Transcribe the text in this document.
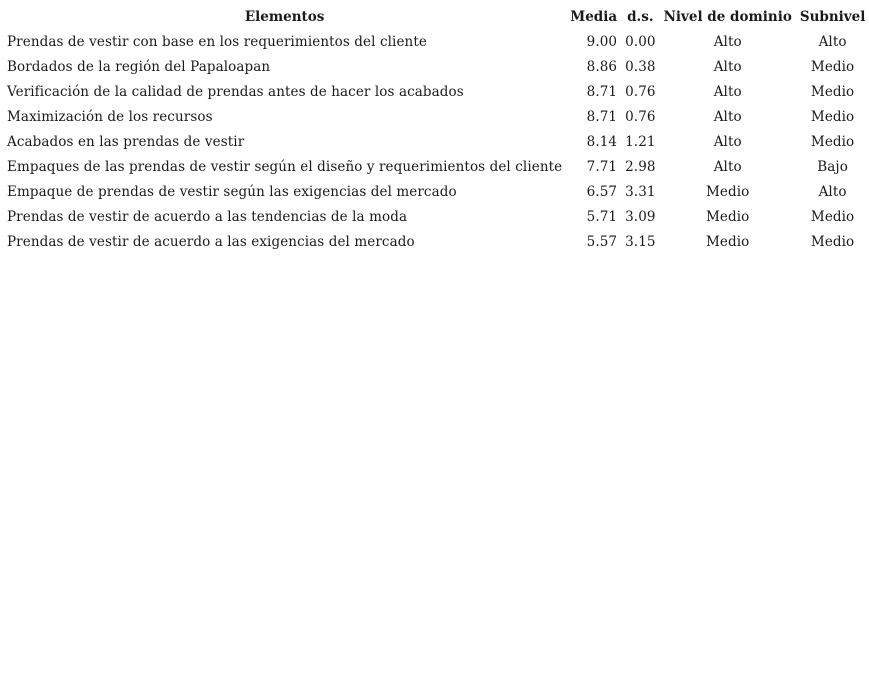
Elementos	Media	d.s.	Nivel de dominio	Subnivel
Prendas de vestir con base en los requerimientos del cliente	9.00	0.00	Alto	Alto
Bordados de la región del Papaloapan	8.86	0.38	Alto	Medio
Verificación de la calidad de prendas antes de hacer los acabados	8.71	0.76	Alto	Medio
Maximización de los recursos	8.71	0.76	Alto	Medio
Acabados en las prendas de vestir	8.14	1.21	Alto	Medio
Empaques de las prendas de vestir según el diseño y requerimientos del cliente	7.71	2.98	Alto	Bajo
Empaque de prendas de vestir según las exigencias del mercado	6.57	3.31	Medio	Alto
Prendas de vestir de acuerdo a las tendencias de la moda	5.71	3.09	Medio	Medio
Prendas de vestir de acuerdo a las exigencias del mercado	5.57	3.15	Medio	Medio
